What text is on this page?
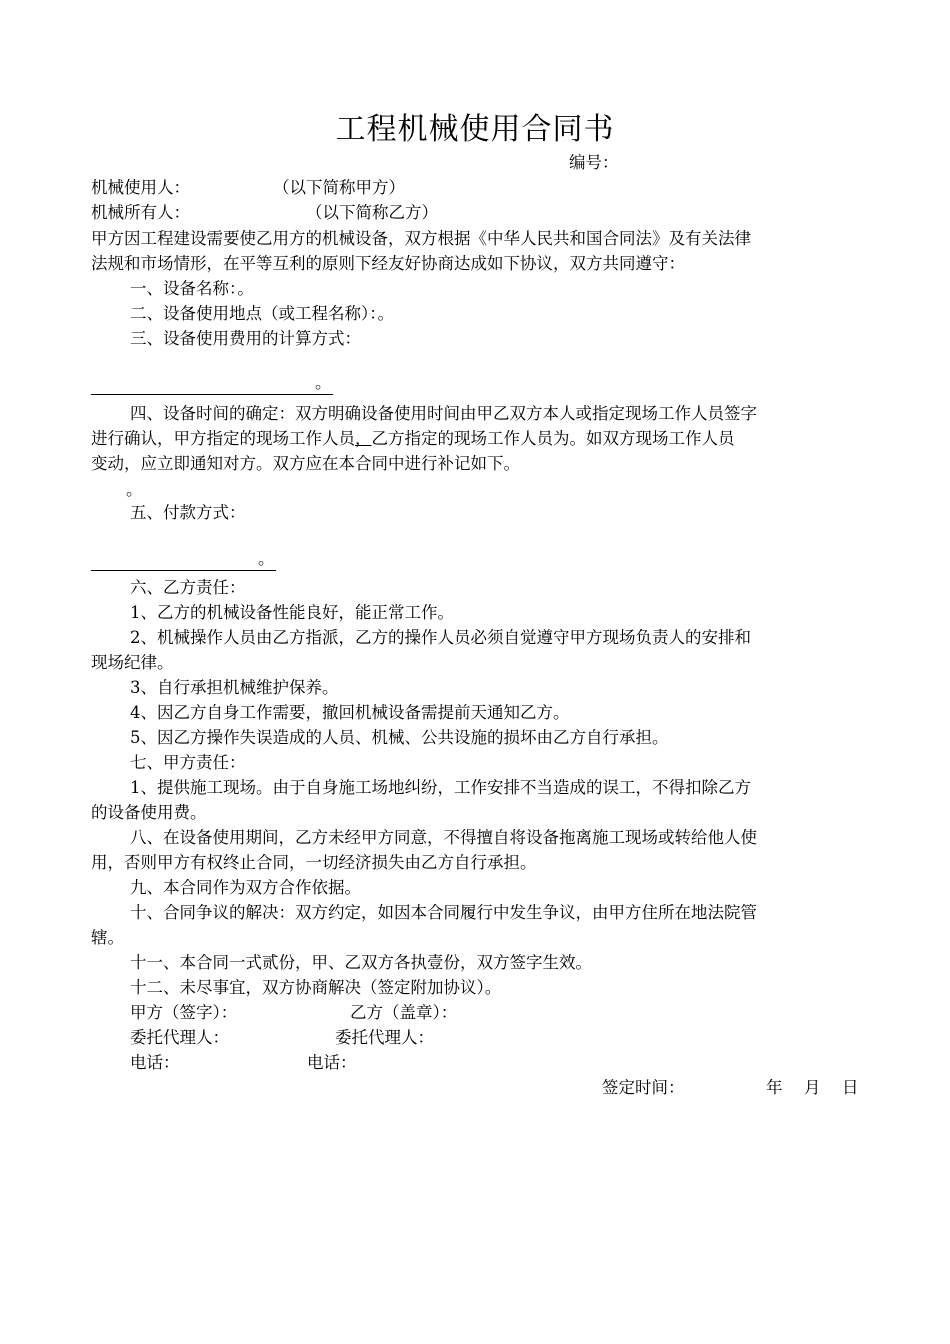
工程机械使用合同书
编号：
机械使用人：	（以下简称甲方）
机械所有人：	（以下简称乙方）
甲方因工程建设需要使乙用方的机械设备，双方根据《中华人民共和国合同法》及有关法律
法规和市场情形，在平等互利的原则下经友好协商达成如下协议，双方共同遵守：
一、设备名称：。
二、设备使用地点（或工程名称）：。
三、设备使用费用的计算方式：
。
四、设备时间的确定：双方明确设备使用时间由甲乙双方本人或指定现场工作人员签字
进行确认，甲方指定的现场工作人员，乙方指定的现场工作人员为。如双方现场工作人员
变动，应立即通知对方。双方应在本合同中进行补记如下。
。
五、付款方式：
。
六、乙方责任：
1、乙方的机械设备性能良好，能正常工作。
2、机械操作人员由乙方指派，乙方的操作人员必须自觉遵守甲方现场负责人的安排和
现场纪律。
3、自行承担机械维护保养。
4、因乙方自身工作需要，撤回机械设备需提前天通知乙方。
5、因乙方操作失误造成的人员、机械、公共设施的损坏由乙方自行承担。
七、甲方责任：
1、提供施工现场。由于自身施工场地纠纷，工作安排不当造成的误工，不得扣除乙方
的设备使用费。
八、在设备使用期间，乙方未经甲方同意，不得擅自将设备拖离施工现场或转给他人使
用，否则甲方有权终止合同，一切经济损失由乙方自行承担。
九、本合同作为双方合作依据。
十、合同争议的解决：双方约定，如因本合同履行中发生争议，由甲方住所在地法院管
辖。
十一、本合同一式贰份，甲、乙双方各执壹份，双方签字生效。
十二、未尽事宜，双方协商解决（签定附加协议）。
甲方（签字）：	乙方（盖章）：
委托代理人：	委托代理人：
电话：	电话：
签定时间：	年 月 日
